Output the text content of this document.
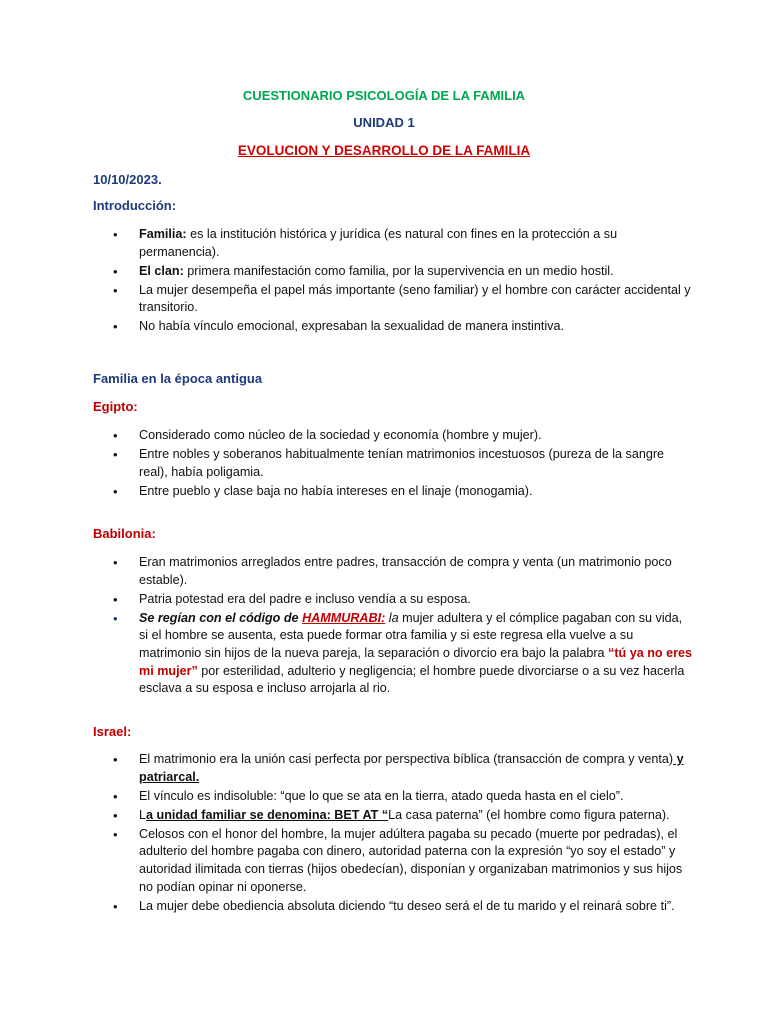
CUESTIONARIO PSICOLOGÍA DE LA FAMILIA
UNIDAD 1
EVOLUCION Y DESARROLLO DE LA FAMILIA
10/10/2023.
Introducción:
• Familia: es la institución histórica y jurídica (es natural con fines en la protección a su permanencia).
• El clan: primera manifestación como familia, por la supervivencia en un medio hostil.
• La mujer desempeña el papel más importante (seno familiar) y el hombre con carácter accidental y transitorio.
• No había vínculo emocional, expresaban la sexualidad de manera instintiva.
Familia en la época antigua
Egipto:
• Considerado como núcleo de la sociedad y economía (hombre y mujer).
• Entre nobles y soberanos habitualmente tenían matrimonios incestuosos (pureza de la sangre real), había poligamia.
• Entre pueblo y clase baja no había intereses en el linaje (monogamia).
Babilonia:
• Eran matrimonios arreglados entre padres, transacción de compra y venta (un matrimonio poco estable).
• Patria potestad era del padre e incluso vendía a su esposa.
• Se regían con el código de HAMMURABI: la mujer adultera y el cómplice pagaban con su vida, si el hombre se ausenta, esta puede formar otra familia y si este regresa ella vuelve a su matrimonio sin hijos de la nueva pareja, la separación o divorcio era bajo la palabra “tú ya no eres mi mujer” por esterilidad, adulterio y negligencia; el hombre puede divorciarse o a su vez hacerla esclava a su esposa e incluso arrojarla al rio.
Israel:
• El matrimonio era la unión casi perfecta por perspectiva bíblica (transacción de compra y venta) y patriarcal.
• El vínculo es indisoluble: “que lo que se ata en la tierra, atado queda hasta en el cielo”.
• La unidad familiar se denomina: BET AT “La casa paterna” (el hombre como figura paterna).
• Celosos con el honor del hombre, la mujer adúltera pagaba su pecado (muerte por pedradas), el adulterio del hombre pagaba con dinero, autoridad paterna con la expresión “yo soy el estado” y autoridad ilimitada con tierras (hijos obedecían), disponían y organizaban matrimonios y sus hijos no podían opinar ni oponerse.
• La mujer debe obediencia absoluta diciendo “tu deseo será el de tu marido y el reinará sobre ti”.
